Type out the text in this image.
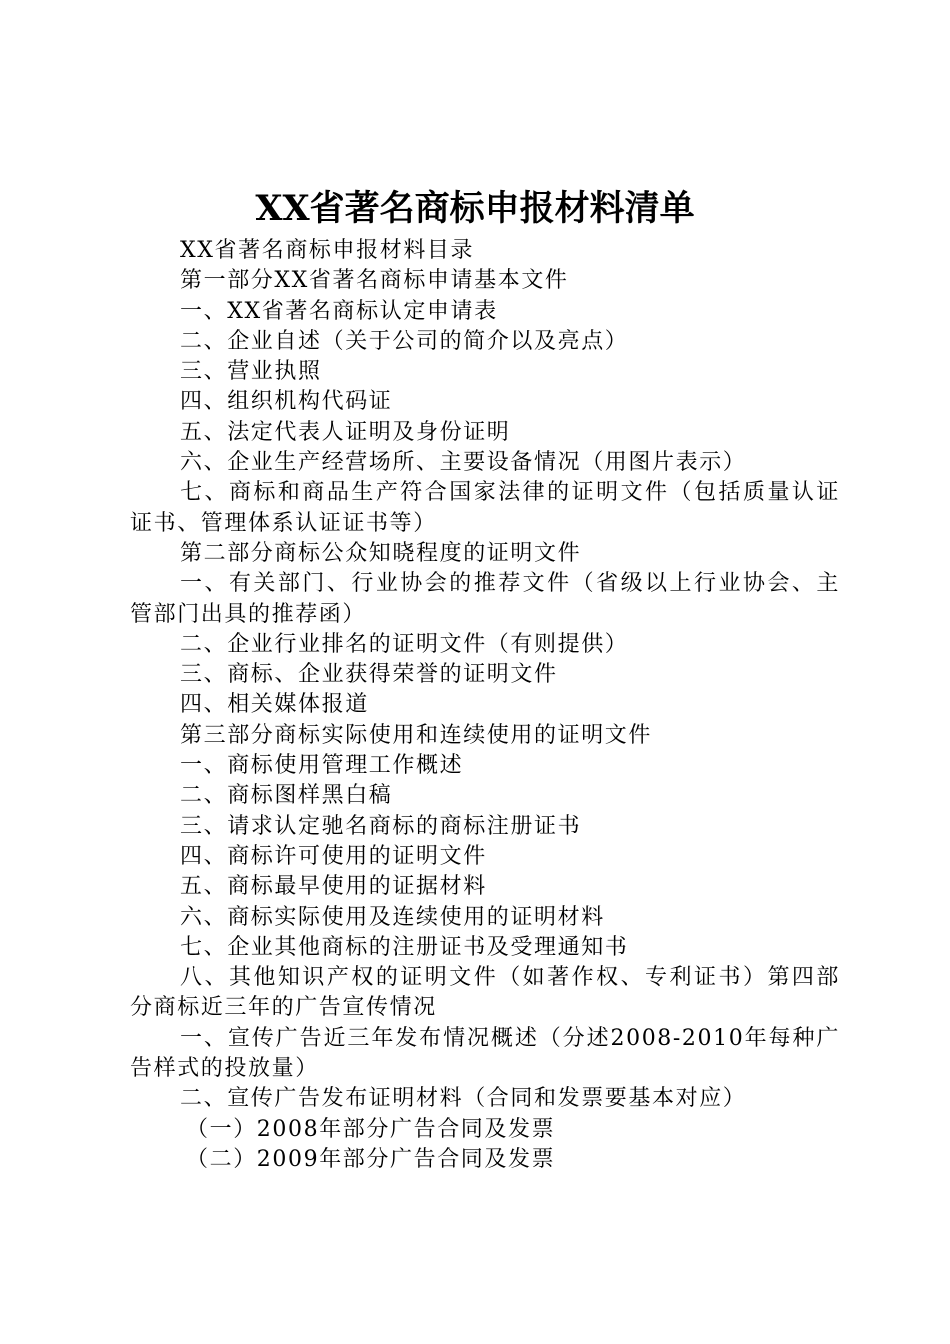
XX省著名商标申报材料清单

XX省著名商标申报材料目录

第一部分XX省著名商标申请基本文件

一、XX省著名商标认定申请表

二、企业自述（关于公司的简介以及亮点）

三、营业执照

四、组织机构代码证

五、法定代表人证明及身份证明

六、企业生产经营场所、主要设备情况（用图片表示）

七、商标和商品生产符合国家法律的证明文件（包括质量认证证书、管理体系认证证书等）

第二部分商标公众知晓程度的证明文件

一、有关部门、行业协会的推荐文件（省级以上行业协会、主管部门出具的推荐函）

二、企业行业排名的证明文件（有则提供）

三、商标、企业获得荣誉的证明文件

四、相关媒体报道

第三部分商标实际使用和连续使用的证明文件

一、商标使用管理工作概述

二、商标图样黑白稿

三、请求认定驰名商标的商标注册证书

四、商标许可使用的证明文件

五、商标最早使用的证据材料

六、商标实际使用及连续使用的证明材料

七、企业其他商标的注册证书及受理通知书

八、其他知识产权的证明文件（如著作权、专利证书）第四部分商标近三年的广告宣传情况

一、宣传广告近三年发布情况概述（分述2008-2010年每种广告样式的投放量）

二、宣传广告发布证明材料（合同和发票要基本对应）

（一）2008年部分广告合同及发票

（二）2009年部分广告合同及发票
